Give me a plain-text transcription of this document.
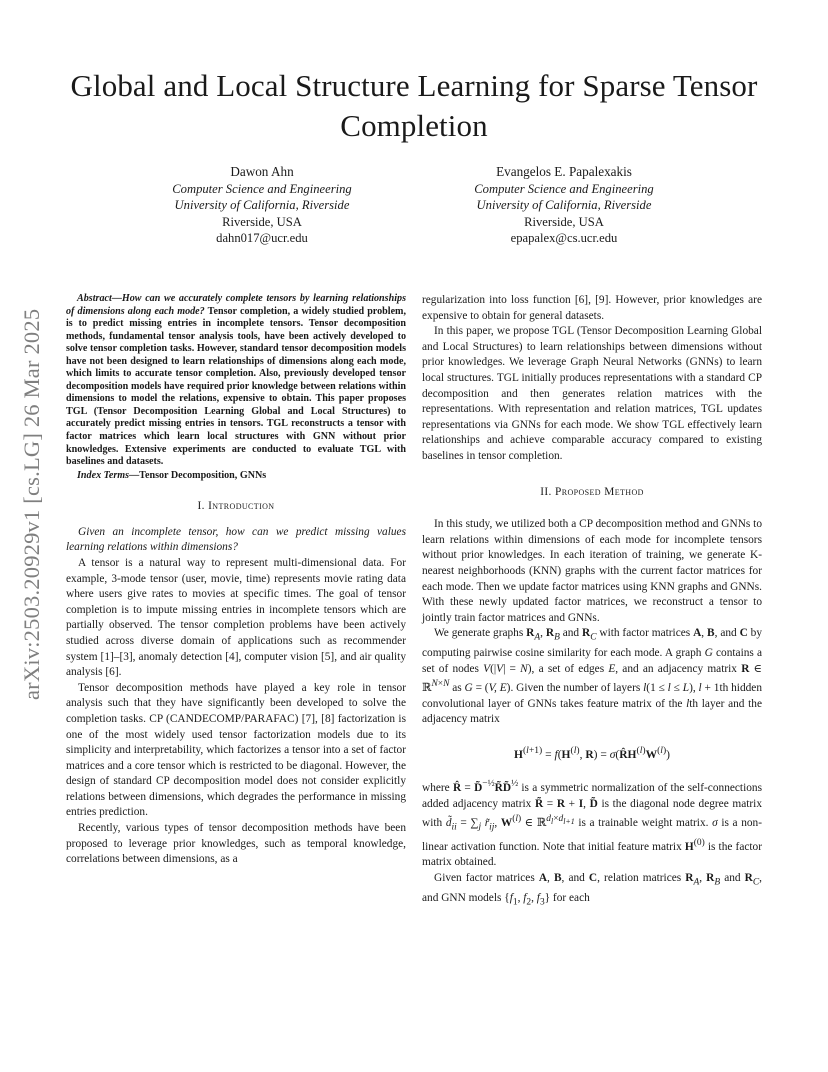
Global and Local Structure Learning for Sparse Tensor Completion
Dawon Ahn
Computer Science and Engineering
University of California, Riverside
Riverside, USA
dahn017@ucr.edu
Evangelos E. Papalexakis
Computer Science and Engineering
University of California, Riverside
Riverside, USA
epapalex@cs.ucr.edu
arXiv:2503.20929v1 [cs.LG] 26 Mar 2025

Abstract—How can we accurately complete tensors by learning relationships of dimensions along each mode? Tensor completion, a widely studied problem, is to predict missing entries in incomplete tensors. Tensor decomposition methods, fundamental tensor analysis tools, have been actively developed to solve tensor completion tasks. However, standard tensor decomposition models have not been designed to learn relationships of dimensions along each mode, which limits to accurate tensor completion. Also, previously developed tensor decomposition models have required prior knowledge between relations within dimensions to model the relations, expensive to obtain. This paper proposes TGL (Tensor Decomposition Learning Global and Local Structures) to accurately predict missing entries in tensors. TGL reconstructs a tensor with factor matrices which learn local structures with GNN without prior knowledges. Extensive experiments are conducted to evaluate TGL with baselines and datasets.

Index Terms—Tensor Decomposition, GNNs

I. Introduction

Given an incomplete tensor, how can we predict missing values learning relations within dimensions?

A tensor is a natural way to represent multi-dimensional data. For example, 3-mode tensor (user, movie, time) represents movie rating data where users give rates to movies at specific times. The goal of tensor completion is to impute missing entries in incomplete tensors which are partially observed. The tensor completion problems have been actively studied across diverse domain of applications such as recommender system [1]–[3], anomaly detection [4], computer vision [5], and air quality analysis [6].

Tensor decomposition methods have played a key role in tensor analysis such that they have significantly been developed to solve the completion tasks. CP (CANDECOMP/PARAFAC) [7], [8] factorization is one of the most widely used tensor factorization models due to its simplicity and interpretability, which factorizes a tensor into a set of factor matrices and a core tensor which is restricted to be diagonal. However, the design of standard CP decomposition model does not consider explicitly relations between dimensions, which degrades the performance in missing entries prediction.

Recently, various types of tensor decomposition methods have been proposed to leverage prior knowledges, such as temporal knowledge, correlations between dimensions, as a

regularization into loss function [6], [9]. However, prior knowledges are expensive to obtain for general datasets.

In this paper, we propose TGL (Tensor Decomposition Learning Global and Local Structures) to learn relationships between dimensions without prior knowledges. We leverage Graph Neural Networks (GNNs) to learn local structures. TGL initially produces representations with a standard CP decomposition and then generates relation matrices with the representations. With representation and relation matrices, TGL updates representations via GNNs for each mode. We show TGL effectively learn relationships and achieve comparable accuracy compared to existing baselines in tensor completion.

II. Proposed Method

In this study, we utilized both a CP decomposition method and GNNs to learn relations within dimensions of each mode for incomplete tensors without prior knowledges. In each iteration of training, we generate K-nearest neighborhoods (KNN) graphs with the current factor matrices for each mode. Then we update factor matrices using KNN graphs and GNNs. With these newly updated factor matrices, we reconstruct a tensor to jointly train factor matrices and GNNs.

We generate graphs $R_A$, $R_B$ and $R_C$ with factor matrices A, B, and C by computing pairwise cosine similarity for each mode. A graph G contains a set of nodes V(|V| = N), a set of edges E, and an adjacency matrix R ∈ ℝ$^{N\times N}$ as G = (V, E). Given the number of layers l(1 ≤ l ≤ L), l + 1th hidden convolutional layer of GNNs takes feature matrix of the lth layer and the adjacency matrix

$H^{(l+1)} = f(H^{(l)}$, $R) = \sigma(R̂H^{(l)}W^{(l)})$

where R̂ = D̃$^{-\frac{1}{2}}$R̃D̃$^{\frac{1}{2}}$ is a symmetric normalization of the self-connections added adjacency matrix R̃ = R + I, D̃ is the diagonal node degree matrix with $d̃_{ii} = \sum_j$ $r̃_{ij}$, $W^{(l)}$ ∈ ℝ$^{d_l\times d_{l+1}}$ is a trainable weight matrix. σ is a non-linear activation function. Note that initial feature matrix $H^{(0)}$ is the factor matrix obtained.

Given factor matrices A, B, and C, relation matrices $R_A$, $R_B$ and $R_C$, and GNN models {$f_1$, $f_2$, $f_3$} for each
